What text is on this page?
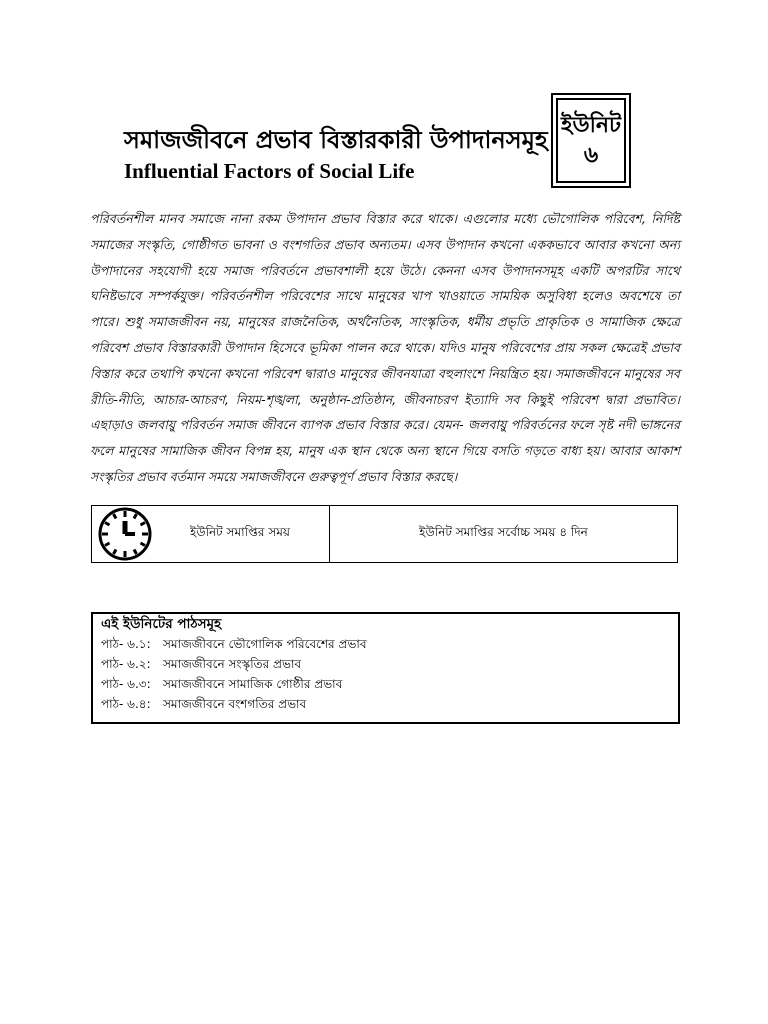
ইউনিট
৬
সমাজজীবনে প্রভাব বিস্তারকারী উপাদানসমূহ
Influential Factors of Social Life
পরিবর্তনশীল মানব সমাজে নানা রকম উপাদান প্রভাব বিস্তার করে থাকে। এগুলোর মধ্যে ভৌগোলিক পরিবেশ, নির্দিষ্ট সমাজের সংস্কৃতি, গোষ্ঠীগত ভাবনা ও বংশগতির প্রভাব অন্যতম। এসব উপাদান কখনো এককভাবে আবার কখনো অন্য উপাদানের সহযোগী হয়ে সমাজ পরিবর্তনে প্রভাবশালী হয়ে উঠে। কেননা এসব উপাদানসমূহ একটি অপরটির সাথে ঘনিষ্টভাবে সম্পর্কযুক্ত। পরিবর্তনশীল পরিবেশের সাথে মানুষের খাপ খাওয়াতে সাময়িক অসুবিধা হলেও অবশেষে তা পারে। শুধু সমাজজীবন নয়, মানুষের রাজনৈতিক, অর্থনৈতিক, সাংস্কৃতিক, ধর্মীয় প্রভৃতি প্রাকৃতিক ও সামাজিক ক্ষেত্রে পরিবেশ প্রভাব বিস্তারকারী উপাদান হিসেবে ভূমিকা পালন করে থাকে। যদিও মানুষ পরিবেশের প্রায় সকল ক্ষেত্রেই প্রভাব বিস্তার করে তথাপি কখনো কখনো পরিবেশ দ্বারাও মানুষের জীবনযাত্রা বহুলাংশে নিয়ন্ত্রিত হয়। সমাজজীবনে মানুষের সব রীতি-নীতি, আচার-আচরণ, নিয়ম-শৃঙ্খলা, অনুষ্ঠান-প্রতিষ্ঠান, জীবনাচরণ ইত্যাদি সব কিছুই পরিবেশ দ্বারা প্রভাবিত। এছাড়াও জলবায়ু পরিবর্তন সমাজ জীবনে ব্যাপক প্রভাব বিস্তার করে। যেমন- জলবায়ু পরিবর্তনের ফলে সৃষ্ট নদী ভাঙ্গনের ফলে মানুষের সামাজিক জীবন বিপন্ন হয়, মানুষ এক স্থান থেকে অন্য স্থানে গিয়ে বসতি গড়তে বাধ্য হয়। আবার আকাশ সংস্কৃতির প্রভাব বর্তমান সময়ে সমাজজীবনে গুরুত্বপূর্ণ প্রভাব বিস্তার করছে।
ইউনিট সমাপ্তির সময়	ইউনিট সমাপ্তির সর্বোচ্চ সময় ৪ দিন
এই ইউনিটের পাঠসমূহ
পাঠ- ৬.১: সমাজজীবনে ভৌগোলিক পরিবেশের প্রভাব
পাঠ- ৬.২: সমাজজীবনে সংস্কৃতির প্রভাব
পাঠ- ৬.৩: সমাজজীবনে সামাজিক গোষ্ঠীর প্রভাব
পাঠ- ৬.৪: সমাজজীবনে বংশগতির প্রভাব
